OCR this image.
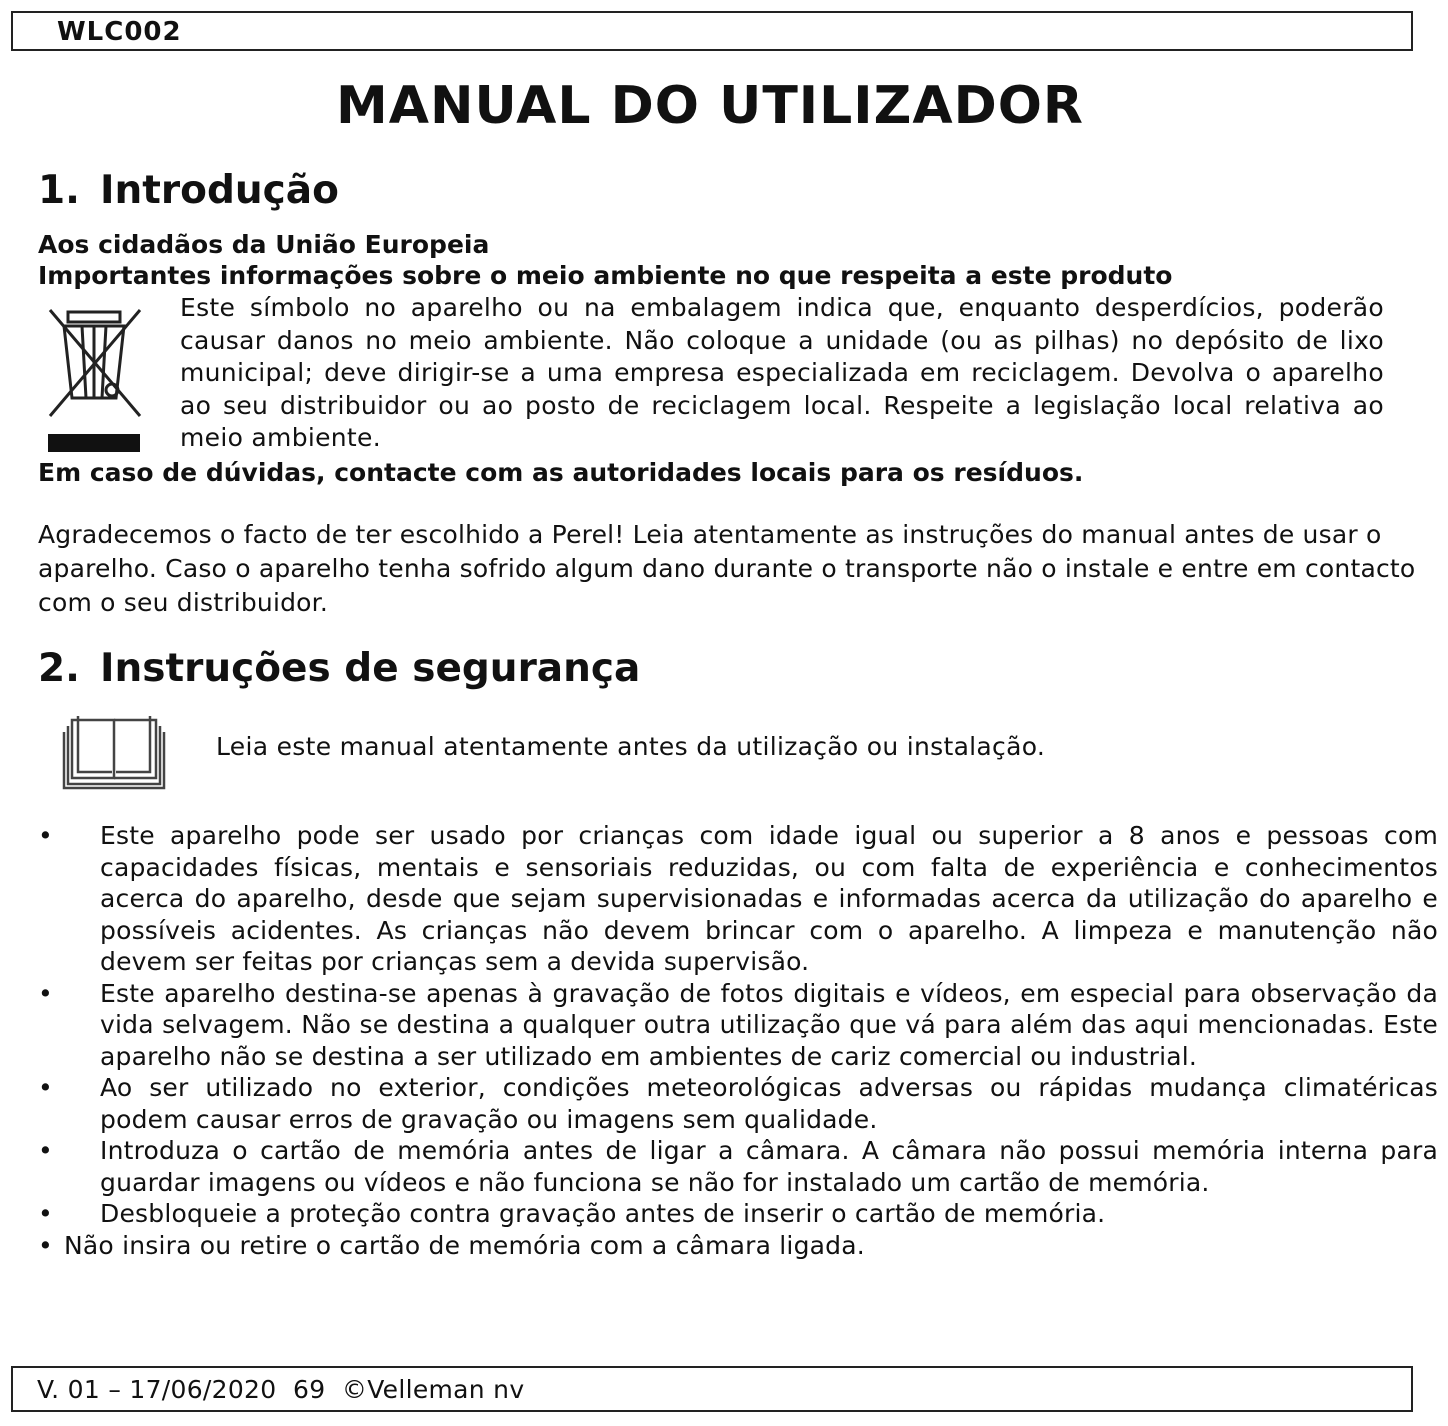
WLC002
MANUAL DO UTILIZADOR
1. Introdução
Aos cidadãos da União Europeia
Importantes informações sobre o meio ambiente no que respeita a este produto
Este símbolo no aparelho ou na embalagem indica que, enquanto desperdícios, poderão causar danos no meio ambiente. Não coloque a unidade (ou as pilhas) no depósito de lixo municipal; deve dirigir-se a uma empresa especializada em reciclagem. Devolva o aparelho ao seu distribuidor ou ao posto de reciclagem local. Respeite a legislação local relativa ao meio ambiente.
Em caso de dúvidas, contacte com as autoridades locais para os resíduos.
Agradecemos o facto de ter escolhido a Perel! Leia atentamente as instruções do manual antes de usar o aparelho. Caso o aparelho tenha sofrido algum dano durante o transporte não o instale e entre em contacto com o seu distribuidor.
2. Instruções de segurança
Leia este manual atentamente antes da utilização ou instalação.
• Este aparelho pode ser usado por crianças com idade igual ou superior a 8 anos e pessoas com capacidades físicas, mentais e sensoriais reduzidas, ou com falta de experiência e conhecimentos acerca do aparelho, desde que sejam supervisionadas e informadas acerca da utilização do aparelho e possíveis acidentes. As crianças não devem brincar com o aparelho. A limpeza e manutenção não devem ser feitas por crianças sem a devida supervisão.
• Este aparelho destina-se apenas à gravação de fotos digitais e vídeos, em especial para observação da vida selvagem. Não se destina a qualquer outra utilização que vá para além das aqui mencionadas. Este aparelho não se destina a ser utilizado em ambientes de cariz comercial ou industrial.
• Ao ser utilizado no exterior, condições meteorológicas adversas ou rápidas mudança climatéricas podem causar erros de gravação ou imagens sem qualidade.
• Introduza o cartão de memória antes de ligar a câmara. A câmara não possui memória interna para guardar imagens ou vídeos e não funciona se não for instalado um cartão de memória.
• Desbloqueie a proteção contra gravação antes de inserir o cartão de memória.
• Não insira ou retire o cartão de memória com a câmara ligada.
V. 01 – 17/06/2020 69 ©Velleman nv
